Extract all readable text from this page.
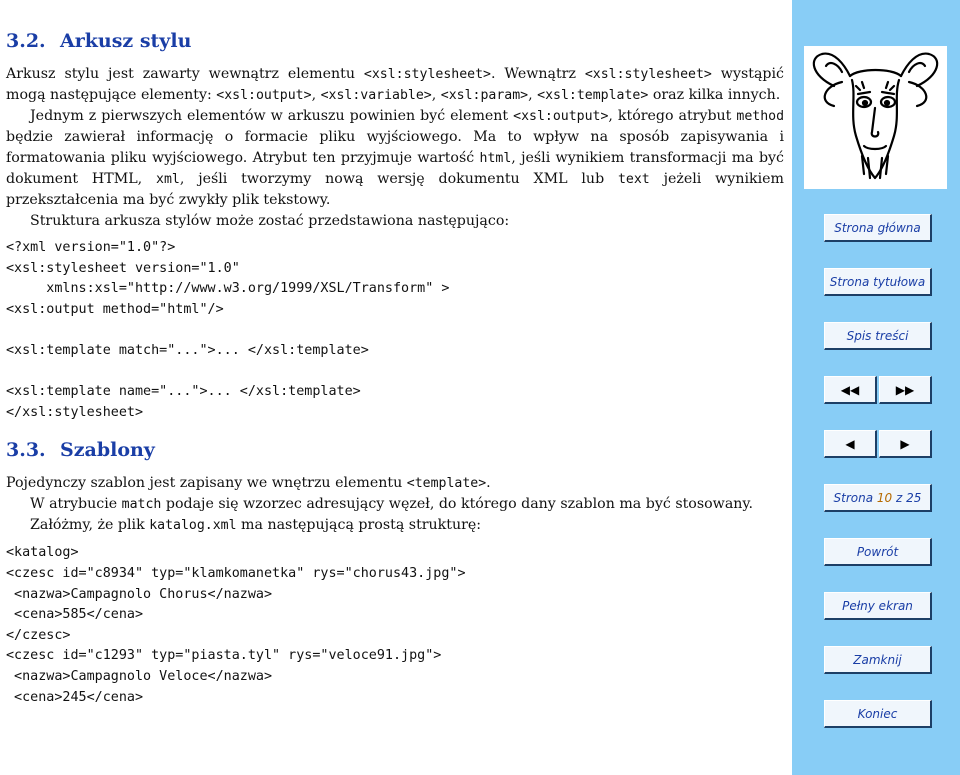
3.2. Arkusz stylu

Arkusz stylu jest zawarty wewnątrz elementu <xsl:stylesheet>. Wewnątrz <xsl:stylesheet> wystąpić mogą następujące elementy: <xsl:output>, <xsl:variable>, <xsl:param>, <xsl:template> oraz kilka innych.

Jednym z pierwszych elementów w arkuszu powinien być element <xsl:output>, którego atrybut method będzie zawierał informację o formacie pliku wyjściowego. Ma to wpływ na sposób zapisywania i formatowania pliku wyjściowego. Atrybut ten przyjmuje wartość html, jeśli wynikiem transformacji ma być dokument HTML, xml, jeśli tworzymy nową wersję dokumentu XML lub text jeżeli wynikiem przekształcenia ma być zwykły plik tekstowy.

Struktura arkusza stylów może zostać przedstawiona następująco:

<?xml version="1.0"?>
<xsl:stylesheet version="1.0"
xmlns:xsl="http://www.w3.org/1999/XSL/Transform" >
<xsl:output method="html"/>

<xsl:template match="...">... </xsl:template>

<xsl:template name="...">... </xsl:template>
</xsl:stylesheet>
3.3. Szablony

Pojedynczy szablon jest zapisany we wnętrzu elementu <template>.

W atrybucie match podaje się wzorzec adresujący węzeł, do którego dany szablon ma być stosowany.

Załóżmy, że plik katalog.xml ma następującą prostą strukturę:

<katalog>
<czesc id="c8934" typ="klamkomanetka" rys="chorus43.jpg">
<nazwa>Campagnolo Chorus</nazwa>
<cena>585</cena>
</czesc>
<czesc id="c1293" typ="piasta.tyl" rys="veloce91.jpg">
<nazwa>Campagnolo Veloce</nazwa>
<cena>245</cena>
Strona główna
Strona tytułowa
Spis treści
◀◀	▶▶
◀	▶
Strona
10
z
25
Powrót
Pełny ekran
Zamknij
Koniec
